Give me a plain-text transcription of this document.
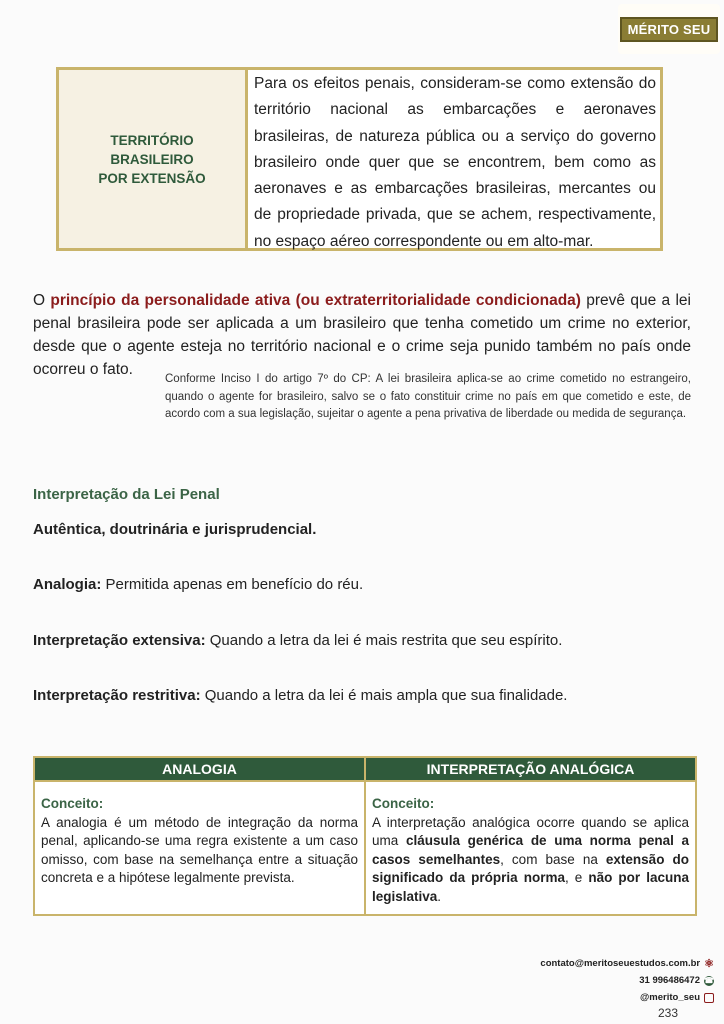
MÉRITO SEU
TERRITÓRIO
BRASILEIRO
POR EXTENSÃO
Para os efeitos penais, consideram-se como extensão do território nacional as embarcações e aeronaves brasileiras, de natureza pública ou a serviço do governo brasileiro onde quer que se encontrem, bem como as aeronaves e as embarcações brasileiras, mercantes ou de propriedade privada, que se achem, respectivamente, no espaço aéreo correspondente ou em alto-mar.
O princípio da personalidade ativa (ou extraterritorialidade condicionada) prevê que a lei penal brasileira pode ser aplicada a um brasileiro que tenha cometido um crime no exterior, desde que o agente esteja no território nacional e o crime seja punido também no país onde ocorreu o fato.
Conforme Inciso I do artigo 7º do CP: A lei brasileira aplica-se ao crime cometido no estrangeiro, quando o agente for brasileiro, salvo se o fato constituir crime no país em que cometido e este, de acordo com a sua legislação, sujeitar o agente a pena privativa de liberdade ou medida de segurança.
Interpretação da Lei Penal
Autêntica, doutrinária e jurisprudencial.
Analogia: Permitida apenas em benefício do réu.
Interpretação extensiva: Quando a letra da lei é mais restrita que seu espírito.
Interpretação restritiva: Quando a letra da lei é mais ampla que sua finalidade.
ANALOGIA
Conceito:
A analogia é um método de integração da norma penal, aplicando-se uma regra existente a um caso omisso, com base na semelhança entre a situação concreta e a hipótese legalmente prevista.
INTERPRETAÇÃO ANALÓGICA
Conceito:
A interpretação analógica ocorre quando se aplica uma cláusula genérica de uma norma penal a casos semelhantes, com base na extensão do significado da própria norma, e não por lacuna legislativa.
contato@meritoseuestudos.com.br ⚛
31 996486472 ☎
@merito_seu
233
